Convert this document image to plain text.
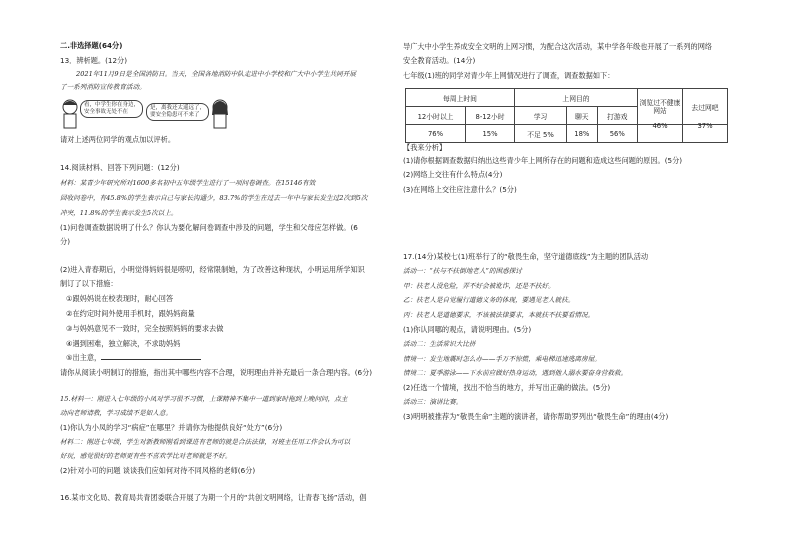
二.非选择题(64分)
13．辨析题。(12分)
2021年11月9日是全国消防日。当天，全国各地消防中队走进中小学校和广大中小学生共同开展
了一系列消防宣传教育活动。
看，中学生你在身边，
安全事故无处不在
是，离我还太遥远了，
要安全隐患可不来了
请对上述两位同学的观点加以评析。
14.阅读材料、回答下列问题：(12分)
材料：某青少年研究所对1600多名初中五年级学生进行了一项问卷调查。在15146有效
回收问卷中，有45.8%的学生表示自己与家长沟通少，83.7%的学生在过去一年中与家长发生过2次到5次
冲突，11.8%的学生表示发生5次以上。
(1)问卷调查数据说明了什么？你认为要化解问卷调查中涉及的问题，学生和父母应怎样做。(6
分)
(2)进入青春期后，小明觉得妈妈很是唠叨，经常限制她，为了改善这种现状，小明运用所学知识
制订了以下措施：
①跟妈妈说在校表现时，耐心回答
②在约定时间外使用手机时，跟妈妈商量
③与妈妈意见不一致时，完全按照妈妈的要求去做
④遇到困难，独立解决，不求助妈妈
⑤出主意，
请你从阅读小明制订的措施，指出其中哪些内容不合理，说明理由并补充最后一条合理内容。(6分)
15.材料一：刚进入七年级的小凤对学习很不习惯，上课精神不集中一道到家时拖到上晚问问，点主
动向老师请教，学习成绩不是如人意。
(1)你认为小凤的学习“病症”在哪里？并请你为他提供良好“处方”(6分)
材料二：刚进七年级，学生对新教师刚看到课进有老师的就是合法法律，对班主任用工作会认为可以
好玩，感觉很好的老师更有些不喜欢学比对老师就是不好。
(2)针对小可的问题 谈谈我们应如何对待不同风格的老师(6分)
16.某市文化局、教育局共青团委联合开展了为期一个月的“共创文明网络，让青春飞扬”活动，倡
导广大中小学生养成安全文明的上网习惯，为配合这次活动，某中学各年级也开展了一系列的网络
安全教育活动。(14分)
七年级(1)班的同学对青少年上网情况进行了调查，调查数据如下：
每周上时间		上网目的			浏览过不健康网站	去过网吧
12小时以上	8-12小时	学习	聊天	打游戏		
76%	15%	不足 5%	18%	56%	46%	37%
【我来分析】
(1)请你根据调查数据归纳出这些青少年上网所存在的问题和造成这些问题的原因。(5分)
(2)网络上交往有什么特点(4分)
(3)在网络上交往应注意什么？(5分)
17.(14分)某校七(1)班举行了的“敬畏生命，坚守道德底线”为主题的团队活动
活动一：“扶与不扶倒地老人”的困惑探讨
甲：扶老人没危险，弄不好会被讹诈，还是不扶好。
乙：扶老人是自觉履行道德义务的体现，要遇见老人就扶。
丙：扶老人是道德要求，不该被法律要求，本就扶不扶要看情况。
(1)你认同哪的观点，请说明理由。(5分)
活动二：生活常识大比拼
情境一：发生地震时怎么办——手万不惊慌，乘电梯迅速逃离房屋。
情境二：夏季游泳——下水前应做好热身运动，遇到他人溺水要奋身营救救。
(2)任选一个情境，找出不恰当的地方，并写出正确的做法。(5分)
活动三：演讲比赛。
(3)明明被推荐为“敬畏生命”主题的演讲者，请你帮助罗列出“敬畏生命”的理由(4分)
